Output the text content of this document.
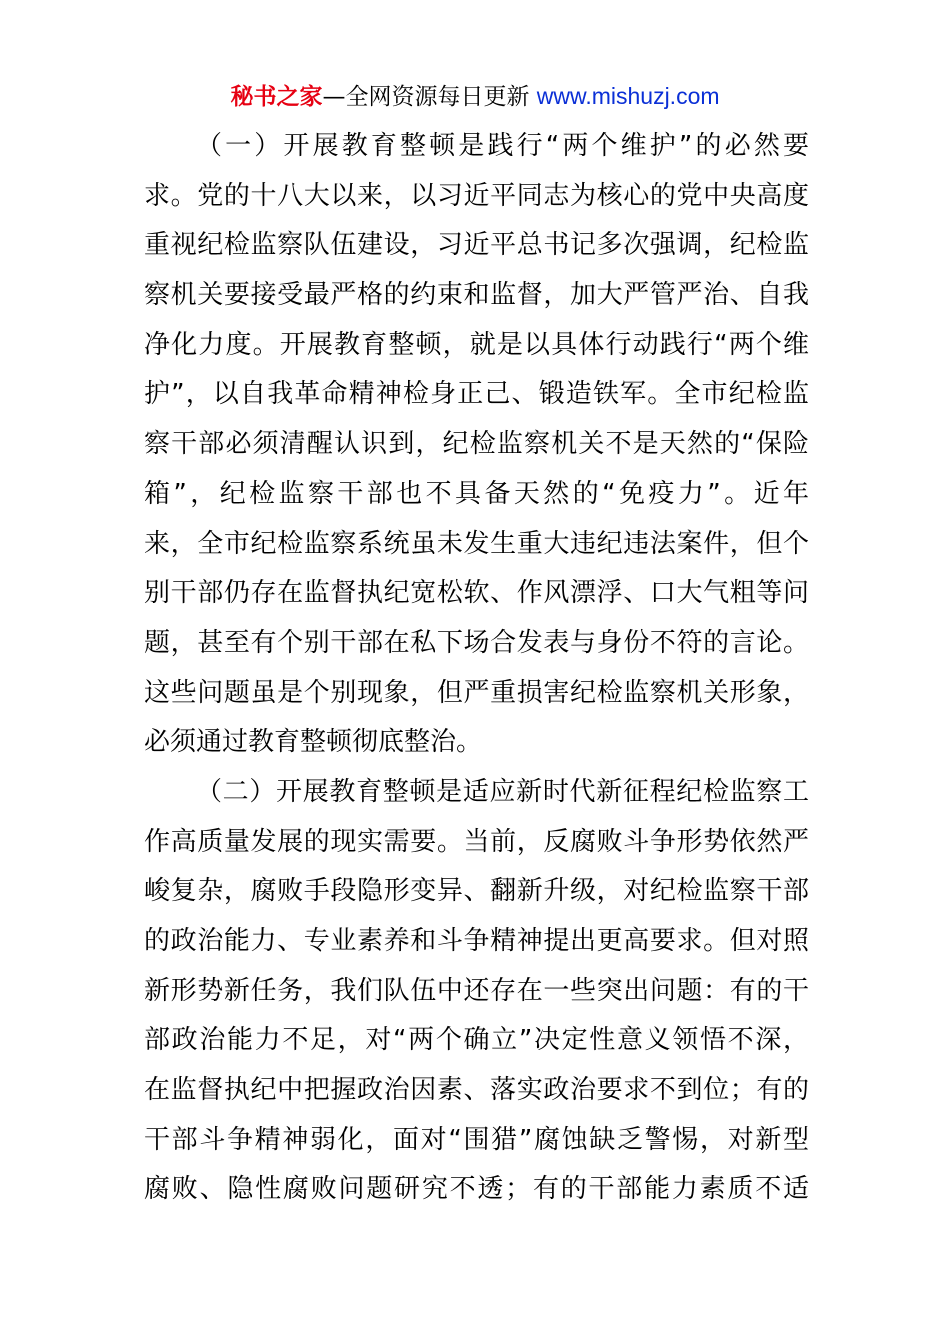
秘书之家—全网资源每日更新 www.mishuzj.com
（一）开展教育整顿是践行“两个维护”的必然要
求。党的十八大以来，以习近平同志为核心的党中央高度
重视纪检监察队伍建设，习近平总书记多次强调，纪检监
察机关要接受最严格的约束和监督，加大严管严治、自我
净化力度。开展教育整顿，就是以具体行动践行“两个维
护”，以自我革命精神检身正己、锻造铁军。全市纪检监
察干部必须清醒认识到，纪检监察机关不是天然的“保险
箱”，纪检监察干部也不具备天然的“免疫力”。近年
来，全市纪检监察系统虽未发生重大违纪违法案件，但个
别干部仍存在监督执纪宽松软、作风漂浮、口大气粗等问
题，甚至有个别干部在私下场合发表与身份不符的言论。
这些问题虽是个别现象，但严重损害纪检监察机关形象，
必须通过教育整顿彻底整治。
（二）开展教育整顿是适应新时代新征程纪检监察工
作高质量发展的现实需要。当前，反腐败斗争形势依然严
峻复杂，腐败手段隐形变异、翻新升级，对纪检监察干部
的政治能力、专业素养和斗争精神提出更高要求。但对照
新形势新任务，我们队伍中还存在一些突出问题：有的干
部政治能力不足，对“两个确立”决定性意义领悟不深，
在监督执纪中把握政治因素、落实政治要求不到位；有的
干部斗争精神弱化，面对“围猎”腐蚀缺乏警惕，对新型
腐败、隐性腐败问题研究不透；有的干部能力素质不适
